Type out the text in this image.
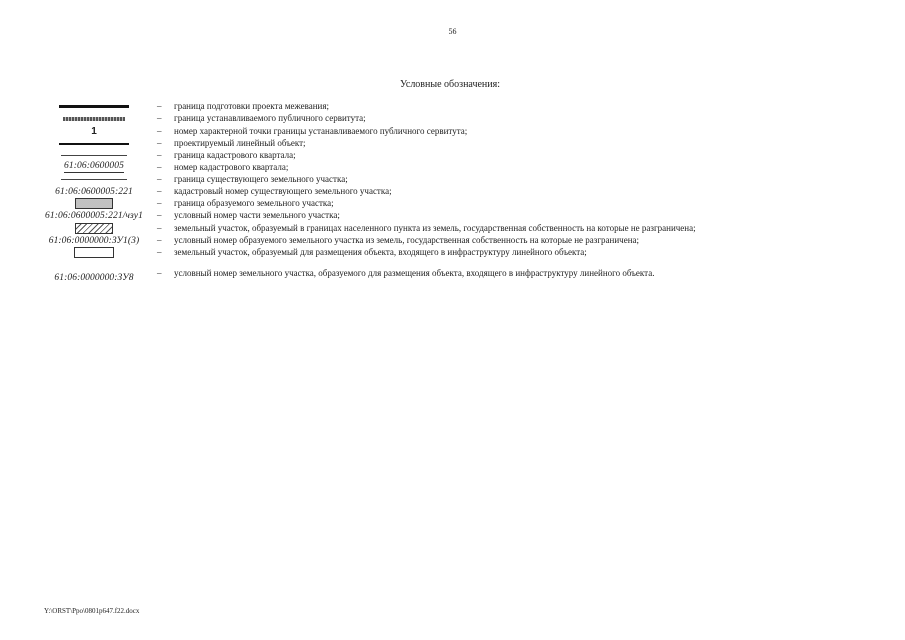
56
Условные обозначения:
– граница подготовки проекта межевания;
– граница устанавливаемого публичного сервитута;
1	– номер характерной точки границы устанавливаемого публичного сервитута;
– проектируемый линейный объект;
– граница кадастрового квартала;
61:06:0600005	– номер кадастрового квартала;
– граница существующего земельного участка;
61:06:0600005:221	– кадастровый номер существующего земельного участка;
– граница образуемого земельного участка;
61:06:0600005:221/чзу1 – условный номер части земельного участка;
– земельный участок, образуемый в границах населенного пункта из земель, государственная собственность на которые не разграничена;
61:06:0000000:ЗУ1(3) – условный номер образуемого земельного участка из земель, государственная собственность на которые не разграничена;
– земельный участок, образуемый для размещения объекта, входящего в инфраструктуру линейного объекта;
61:06:0000000:ЗУ8	– условный номер земельного участка, образуемого для размещения объекта, входящего в инфраструктуру линейного объекта.
Y:\ORST\Ppo\0801p647.f22.docx
